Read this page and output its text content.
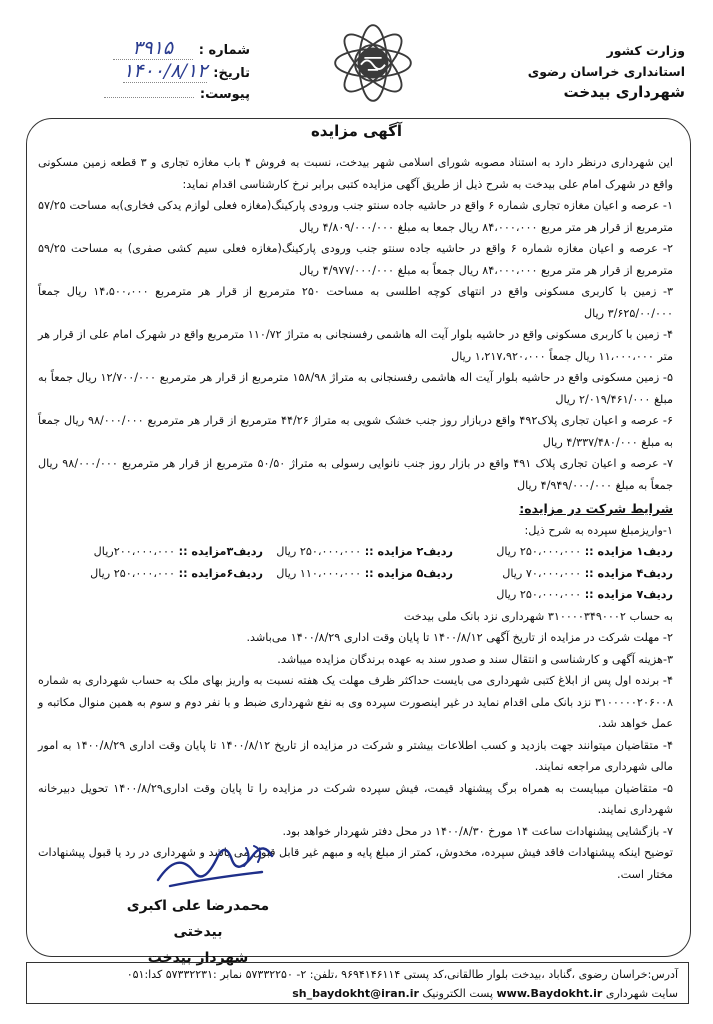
وزارت کشور
استانداری خراسان رضوی
شهرداری بیدخت
شماره :
۳۹۱۵
تاریخ:
۱۴۰۰/۸/۱۲
پیوست:
آگهی مزایده

این شهرداری درنظر دارد به استناد مصوبه شورای اسلامی شهر بیدخت، نسبت به فروش ۴ باب مغازه تجاری و ۳ قطعه زمین مسکونی واقع در شهرک امام علی بیدخت به شرح ذیل از طریق آگهی مزایده کتبی برابر نرخ کارشناسی اقدام نماید:

۱- عرصه و اعیان مغازه تجاری شماره ۶ واقع در حاشیه جاده سنتو جنب ورودی پارکینگ(مغازه فعلی لوازم یدکی فخاری)به مساحت ۵۷/۲۵ مترمربع از قرار هر متر مربع ۸۴،۰۰۰،۰۰۰ ریال جمعا به مبلغ ۴/۸۰۹/۰۰۰/۰۰۰ ریال

۲- عرصه و اعیان مغازه شماره ۶ واقع در حاشیه جاده سنتو جنب ورودی پارکینگ(مغازه فعلی سیم کشی صفری) به مساحت ۵۹/۲۵ مترمربع از قرار هر متر مربع ۸۴،۰۰۰،۰۰۰ ریال جمعاً به مبلغ ۴/۹۷۷/۰۰۰/۰۰۰ ریال

۳- زمین با کاربری مسکونی واقع در انتهای کوچه اطلسی به مساحت ۲۵۰ مترمربع از قرار هر مترمربع ۱۴،۵۰۰،۰۰۰ ریال جمعاً ۳/۶۲۵/۰۰/۰۰۰ ریال

۴- زمین با کاربری مسکونی واقع در حاشیه بلوار آیت اله هاشمی رفسنجانی به متراژ ۱۱۰/۷۲ مترمربع واقع در شهرک امام علی از قرار هر متر ۱۱،۰۰۰،۰۰۰ ریال جمعاً ۱،۲۱۷،۹۲۰،۰۰۰ ریال

۵- زمین مسکونی واقع در حاشیه بلوار آیت اله هاشمی رفسنجانی به متراژ ۱۵۸/۹۸ مترمربع از قرار هر مترمربع ۱۲/۷۰۰/۰۰۰ ریال جمعاً به مبلغ ۲/۰۱۹/۴۶۱/۰۰۰ ریال

۶- عرصه و اعیان تجاری پلاک۴۹۲ واقع دربازار روز جنب خشک شویی به متراژ ۴۴/۲۶ مترمربع از قرار هر مترمربع ۹۸/۰۰۰/۰۰۰ ریال جمعاً به مبلغ ۴/۳۳۷/۴۸۰/۰۰۰ ریال

۷- عرصه و اعیان تجاری پلاک ۴۹۱ واقع در بازار روز جنب نانوایی رسولی به متراژ ۵۰/۵۰ مترمربع از قرار هر مترمربع ۹۸/۰۰۰/۰۰۰ ریال جمعاً به مبلغ ۴/۹۴۹/۰۰۰/۰۰۰ ریال

شرایط شرکت در مزایده:

۱-واریزمبلغ سپرده به شرح ذیل:

ردیف۱ مزایده :: ۲۵۰،۰۰۰،۰۰۰ ریال
ردیف۲ مزایده :: ۲۵۰،۰۰۰،۰۰۰ ریال
ردیف۳مزایده :: ۲۰۰،۰۰۰،۰۰۰ریال
ردیف۴ مزایده :: ۷۰،۰۰۰،۰۰۰ ریال
ردیف۵ مزایده :: ۱۱۰،۰۰۰،۰۰۰ ریال
ردیف۶مزایده :: ۲۵۰،۰۰۰،۰۰۰ ریال
ردیف۷ مزایده :: ۲۵۰،۰۰۰،۰۰۰ ریال

به حساب ۳۱۰۰۰۰۳۴۹۰۰۰۲ شهرداری نزد بانک ملی بیدخت

۲- مهلت شرکت در مزایده از تاریخ آگهی ۱۴۰۰/۸/۱۲ تا پایان وقت اداری ۱۴۰۰/۸/۲۹ می‌باشد.

۳-هزینه آگهی و کارشناسی و انتقال سند و صدور سند به عهده برندگان مزایده میباشد.

۴- برنده اول پس از ابلاغ کتبی شهرداری می بایست حداکثر ظرف مهلت یک هفته نسبت به واریز بهای ملک به حساب شهرداری به شماره ۳۱۰۰۰۰۰۲۰۶۰۰۸ نزد بانک ملی اقدام نماید در غیر اینصورت سپرده وی به نفع شهرداری ضبط و با نفر دوم و سوم به همین منوال مکاتبه و عمل خواهد شد.

۴- متقاضیان میتوانند جهت بازدید و کسب اطلاعات بیشتر و شرکت در مزایده از تاریخ ۱۴۰۰/۸/۱۲ تا پایان وقت اداری ۱۴۰۰/۸/۲۹ به امور مالی شهرداری مراجعه نمایند.

۵- متقاضیان میبایست به همراه برگ پیشنهاد قیمت، فیش سپرده شرکت در مزایده را تا پایان وقت اداری۱۴۰۰/۸/۲۹ تحویل دبیرخانه شهرداری نمایند.

۷- بازگشایی پیشنهادات ساعت ۱۴ مورخ ۱۴۰۰/۸/۳۰ در محل دفتر شهردار خواهد بود.

توضیح اینکه پیشنهادات فاقد فیش سپرده، مخدوش، کمتر از مبلغ پایه و مبهم غیر قابل قبول می باشد و شهرداری در رد یا قبول پیشنهادات مختار است.

محمدرضا علی اکبری بیدختی
شهردار بیدخت
آدرس:خراسان رضوی ،گناباد ،بیدخت بلوار طالقانی،کد پستی ۹۶۹۴۱۴۶۱۱۴ ،تلفن: ۲- ۵۷۳۳۲۲۵۰ نمابر :۵۷۳۳۲۲۳۱ کدا:۰۵۱
سایت شهرداری www.Baydokht.ir پست الکترونیک sh_baydokht@iran.ir
